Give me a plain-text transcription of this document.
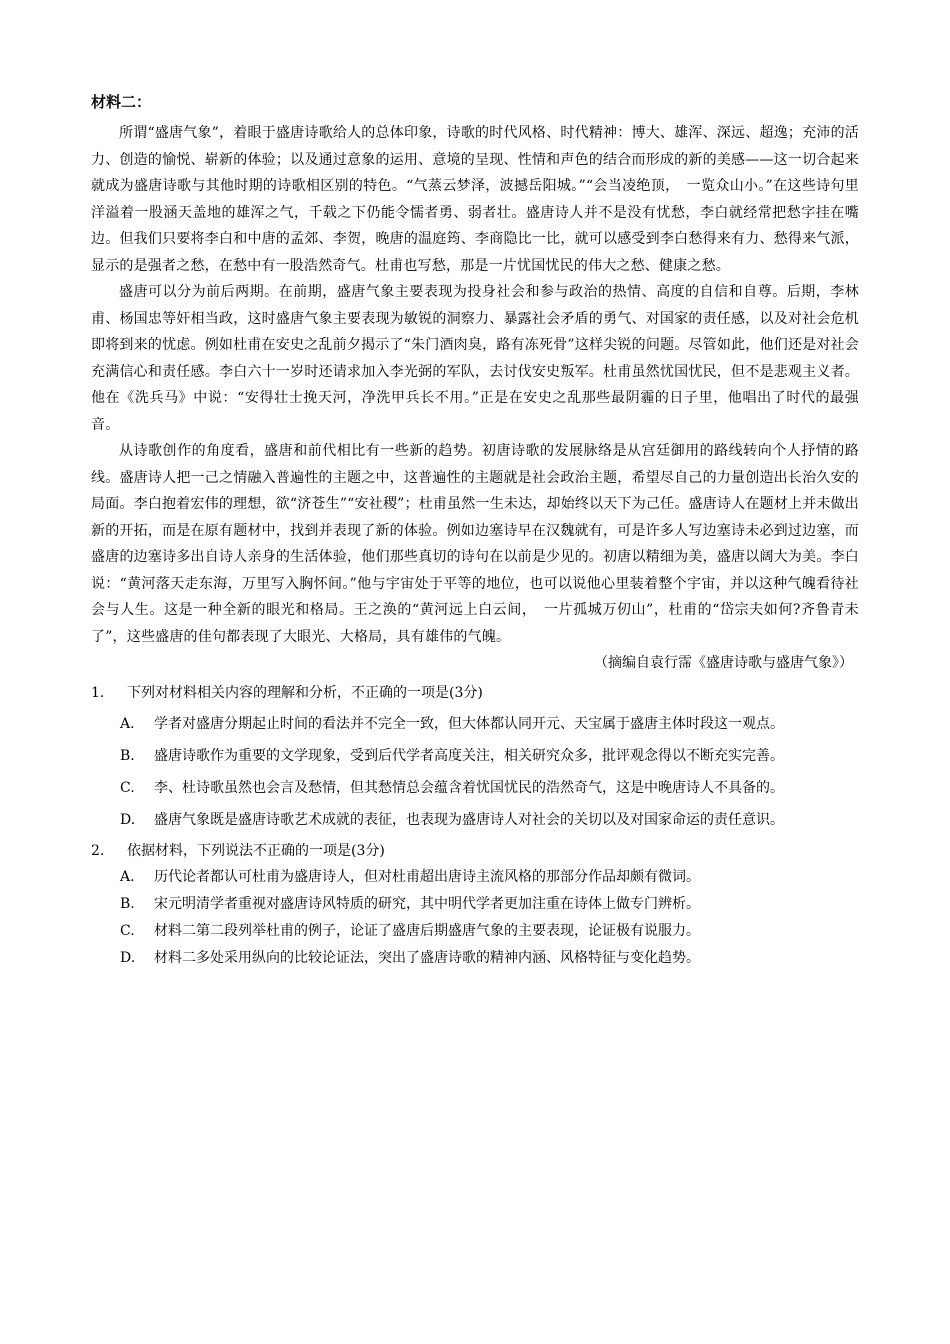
材料二：

所谓“盛唐气象”，着眼于盛唐诗歌给人的总体印象，诗歌的时代风格、时代精神：博大、雄浑、深远、超逸；充沛的活力、创造的愉悦、崭新的体验；以及通过意象的运用、意境的呈现、性情和声色的结合而形成的新的美感——这一切合起来就成为盛唐诗歌与其他时期的诗歌相区别的特色。“气蒸云梦泽，波撼岳阳城。”“会当凌绝顶，　一览众山小。”在这些诗句里洋溢着一股涵天盖地的雄浑之气，千载之下仍能令懦者勇、弱者壮。盛唐诗人并不是没有忧愁，李白就经常把愁字挂在嘴边。但我们只要将李白和中唐的孟郊、李贺，晚唐的温庭筠、李商隐比一比，就可以感受到李白愁得来有力、愁得来气派，显示的是强者之愁，在愁中有一股浩然奇气。杜甫也写愁，那是一片忧国忧民的伟大之愁、健康之愁。

盛唐可以分为前后两期。在前期，盛唐气象主要表现为投身社会和参与政治的热情、高度的自信和自尊。后期，李林甫、杨国忠等奸相当政，这时盛唐气象主要表现为敏锐的洞察力、暴露社会矛盾的勇气、对国家的责任感，以及对社会危机即将到来的忧虑。例如杜甫在安史之乱前夕揭示了“朱门酒肉臭，路有冻死骨”这样尖锐的问题。尽管如此，他们还是对社会充满信心和责任感。李白六十一岁时还请求加入李光弼的军队，去讨伐安史叛军。杜甫虽然忧国忧民，但不是悲观主义者。他在《洗兵马》中说：“安得壮士挽天河，净洗甲兵长不用。”正是在安史之乱那些最阴霾的日子里，他唱出了时代的最强音。

从诗歌创作的角度看，盛唐和前代相比有一些新的趋势。初唐诗歌的发展脉络是从宫廷御用的路线转向个人抒情的路线。盛唐诗人把一己之情融入普遍性的主题之中，这普遍性的主题就是社会政治主题，希望尽自己的力量创造出长治久安的局面。李白抱着宏伟的理想，欲“济苍生”“安社稷”；杜甫虽然一生未达，却始终以天下为己任。盛唐诗人在题材上并未做出新的开拓，而是在原有题材中，找到并表现了新的体验。例如边塞诗早在汉魏就有，可是许多人写边塞诗未必到过边塞，而盛唐的边塞诗多出自诗人亲身的生活体验，他们那些真切的诗句在以前是少见的。初唐以精细为美，盛唐以阔大为美。李白说：“黄河落天走东海，万里写入胸怀间。”他与宇宙处于平等的地位，也可以说他心里装着整个宇宙，并以这种气魄看待社会与人生。这是一种全新的眼光和格局。王之涣的“黄河远上白云间，　一片孤城万仞山”，杜甫的“岱宗夫如何?齐鲁青未了”，这些盛唐的佳句都表现了大眼光、大格局，具有雄伟的气魄。

（摘编自袁行霈《盛唐诗歌与盛唐气象》）

1.	下列对材料相关内容的理解和分析，不正确的一项是(3分)
A.	学者对盛唐分期起止时间的看法并不完全一致，但大体都认同开元、天宝属于盛唐主体时段这一观点。
B.	盛唐诗歌作为重要的文学现象，受到后代学者高度关注，相关研究众多，批评观念得以不断充实完善。
C.	李、杜诗歌虽然也会言及愁情，但其愁情总会蕴含着忧国忧民的浩然奇气，这是中晚唐诗人不具备的。
D.	盛唐气象既是盛唐诗歌艺术成就的表征，也表现为盛唐诗人对社会的关切以及对国家命运的责任意识。
2.	依据材料，下列说法不正确的一项是(3分)
A.	历代论者都认可杜甫为盛唐诗人，但对杜甫超出唐诗主流风格的那部分作品却颇有微词。
B.	宋元明清学者重视对盛唐诗风特质的研究，其中明代学者更加注重在诗体上做专门辨析。
C.	材料二第二段列举杜甫的例子，论证了盛唐后期盛唐气象的主要表现，论证极有说服力。
D.	材料二多处采用纵向的比较论证法，突出了盛唐诗歌的精神内涵、风格特征与变化趋势。
